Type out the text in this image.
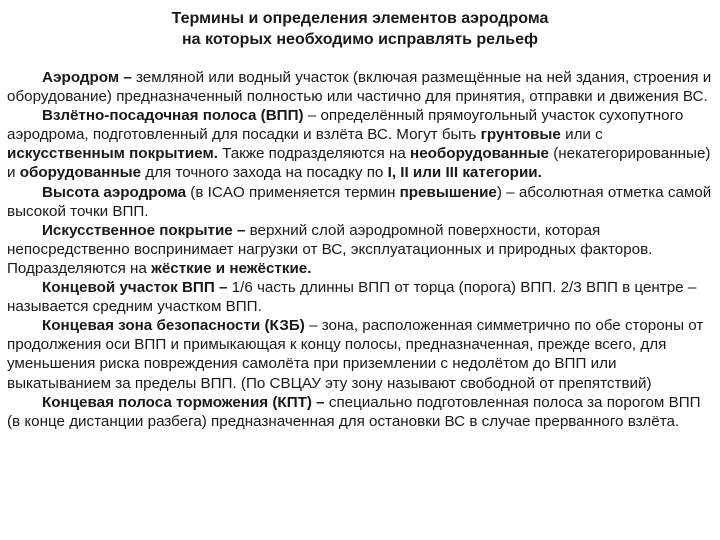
Термины и определения элементов аэродрома
на которых необходимо исправлять рельеф

Аэродром – земляной или водный участок (включая размещённые на ней здания, строения и оборудование) предназначенный полностью или частично для принятия, отправки и движения ВС.

Взлётно-посадочная полоса (ВПП) – определённый прямоугольный участок сухопутного аэродрома, подготовленный для посадки и взлёта ВС. Могут быть грунтовые или с искусственным покрытием. Также подразделяются на необорудованные (некатегорированные) и оборудованные для точного захода на посадку по I, II или III категории.

Высота аэродрома (в ICAO применяется термин превышение) – абсолютная отметка самой высокой точки ВПП.

Искусственное покрытие – верхний слой аэродромной поверхности, которая непосредственно воспринимает нагрузки от ВС, эксплуатационных и природных факторов. Подразделяются на жёсткие и нежёсткие.

Концевой участок ВПП – 1/6 часть длинны ВПП от торца (порога) ВПП. 2/3 ВПП в центре – называется средним участком ВПП.

Концевая зона безопасности (КЗБ) – зона, расположенная симметрично по обе стороны от продолжения оси ВПП и примыкающая к концу полосы, предназначенная, прежде всего, для уменьшения риска повреждения самолёта при приземлении с недолётом до ВПП или выкатыванием за пределы ВПП. (По СВЦАУ эту зону называют свободной от препятствий)

Концевая полоса торможения (КПТ) – специально подготовленная полоса за порогом ВПП (в конце дистанции разбега) предназначенная для остановки ВС в случае прерванного взлёта.
